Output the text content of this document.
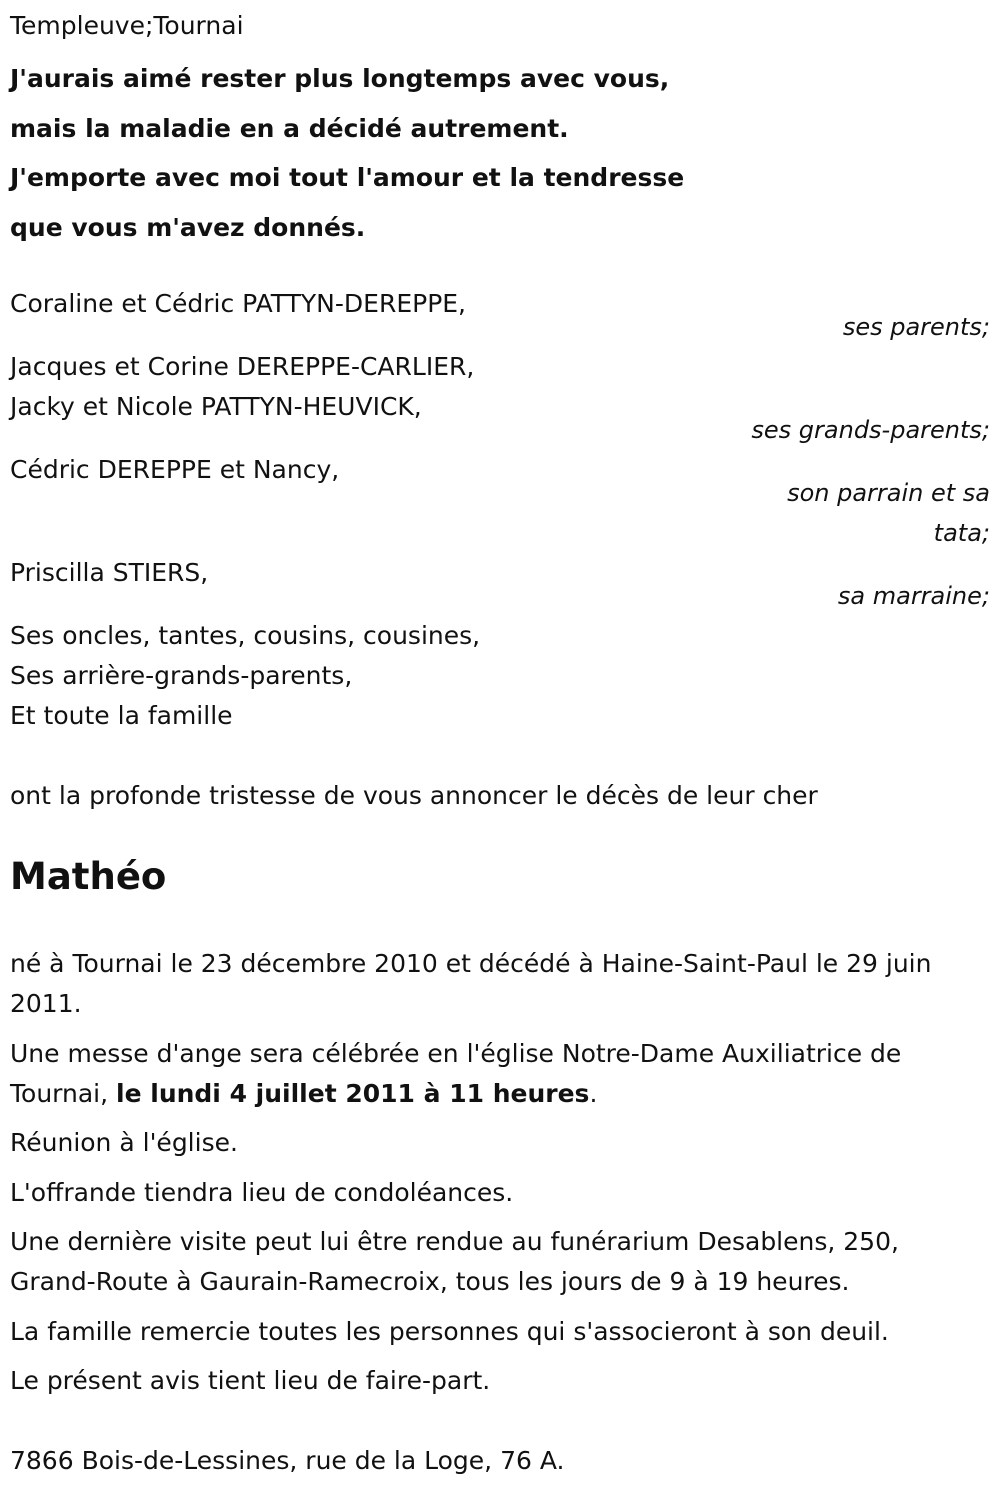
Templeuve;Tournai
J'aurais aimé rester plus longtemps avec vous,
mais la maladie en a décidé autrement.
J'emporte avec moi tout l'amour et la tendresse
que vous m'avez donnés.
Coraline et Cédric PATTYN-DEREPPE,
ses parents;
Jacques et Corine DEREPPE-CARLIER,
Jacky et Nicole PATTYN-HEUVICK,
ses grands-parents;
Cédric DEREPPE et Nancy,
son parrain et sa
tata;
Priscilla STIERS,
sa marraine;
Ses oncles, tantes, cousins, cousines,
Ses arrière-grands-parents,
Et toute la famille
ont la profonde tristesse de vous annoncer le décès de leur cher
Mathéo

né à Tournai le 23 décembre 2010 et décédé à Haine-Saint-Paul le 29 juin
2011.

Une messe d'ange sera célébrée en l'église Notre-Dame Auxiliatrice de
Tournai, le lundi 4 juillet 2011 à 11 heures.

Réunion à l'église.

L'offrande tiendra lieu de condoléances.

Une dernière visite peut lui être rendue au funérarium Desablens, 250,
Grand-Route à Gaurain-Ramecroix, tous les jours de 9 à 19 heures.

La famille remercie toutes les personnes qui s'associeront à son deuil.

Le présent avis tient lieu de faire-part.

7866 Bois-de-Lessines, rue de la Loge, 76 A.
